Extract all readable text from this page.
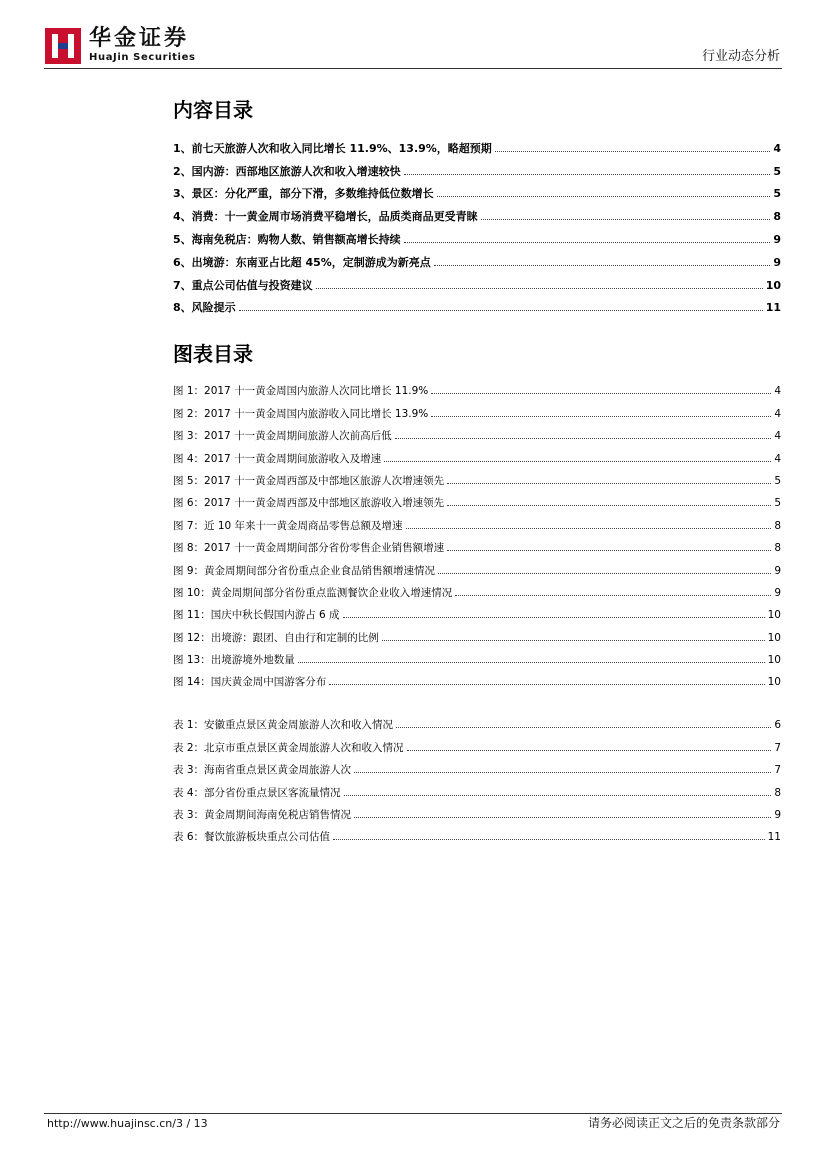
华金证券
HuaJin Securities	行业动态分析
内容目录
1、前七天旅游人次和收入同比增长 11.9%、13.9%，略超预期	4
2、国内游：西部地区旅游人次和收入增速较快	5
3、景区：分化严重，部分下滑，多数维持低位数增长	5
4、消费：十一黄金周市场消费平稳增长，品质类商品更受青睐	8
5、海南免税店：购物人数、销售额高增长持续	9
6、出境游：东南亚占比超 45%，定制游成为新亮点	9
7、重点公司估值与投资建议	10
8、风险提示	11
图表目录
图 1：2017 十一黄金周国内旅游人次同比增长 11.9%	4
图 2：2017 十一黄金周国内旅游收入同比增长 13.9%	4
图 3：2017 十一黄金周期间旅游人次前高后低	4
图 4：2017 十一黄金周期间旅游收入及增速	4
图 5：2017 十一黄金周西部及中部地区旅游人次增速领先	5
图 6：2017 十一黄金周西部及中部地区旅游收入增速领先	5
图 7：近 10 年来十一黄金周商品零售总额及增速	8
图 8：2017 十一黄金周期间部分省份零售企业销售额增速	8
图 9：黄金周期间部分省份重点企业食品销售额增速情况	9
图 10：黄金周期间部分省份重点监测餐饮企业收入增速情况	9
图 11：国庆中秋长假国内游占 6 成	10
图 12：出境游：跟团、自由行和定制的比例	10
图 13：出境游境外地数量	10
图 14：国庆黄金周中国游客分布	10
表 1：安徽重点景区黄金周旅游人次和收入情况	6
表 2：北京市重点景区黄金周旅游人次和收入情况	7
表 3：海南省重点景区黄金周旅游人次	7
表 4：部分省份重点景区客流量情况	8
表 3：黄金周期间海南免税店销售情况	9
表 6：餐饮旅游板块重点公司估值	11
http://www.huajinsc.cn/3 / 13	请务必阅读正文之后的免责条款部分
